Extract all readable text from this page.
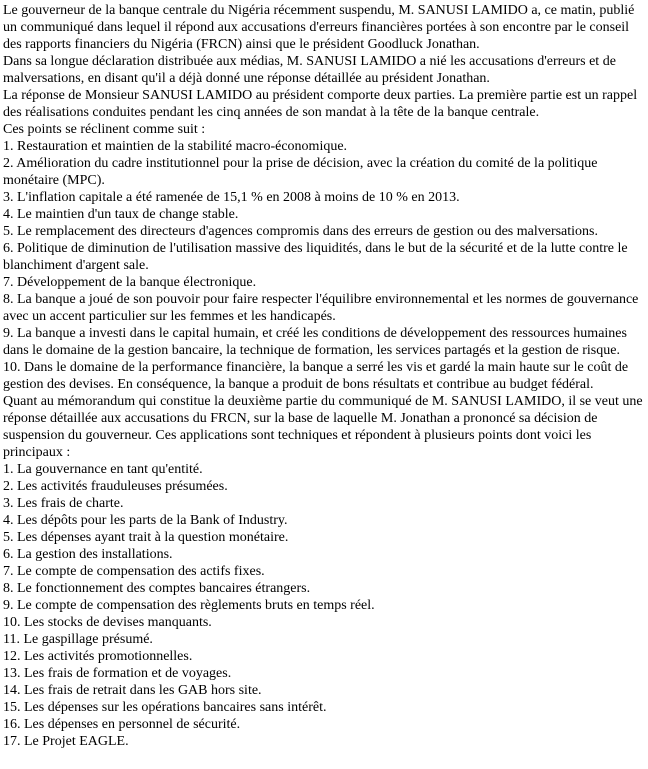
Le gouverneur de la banque centrale du Nigéria récemment suspendu, M. SANUSI LAMIDO a, ce matin, publié un communiqué dans lequel il répond aux accusations d'erreurs financières portées à son encontre par le conseil des rapports financiers du Nigéria (FRCN) ainsi que le président Goodluck Jonathan.
Dans sa longue déclaration distribuée aux médias, M. SANUSI LAMIDO a nié les accusations d'erreurs et de malversations, en disant qu'il a déjà donné une réponse détaillée au président Jonathan.
La réponse de Monsieur SANUSI LAMIDO au président comporte deux parties. La première partie est un rappel des réalisations conduites pendant les cinq années de son mandat à la tête de la banque centrale.
Ces points se réclinent comme suit :
1. Restauration et maintien de la stabilité macro-économique.
2. Amélioration du cadre institutionnel pour la prise de décision, avec la création du comité de la politique monétaire (MPC).
3. L'inflation capitale a été ramenée de 15,1 % en 2008 à moins de 10 % en 2013.
4. Le maintien d'un taux de change stable.
5. Le remplacement des directeurs d'agences compromis dans des erreurs de gestion ou des malversations.
6. Politique de diminution de l'utilisation massive des liquidités, dans le but de la sécurité et de la lutte contre le blanchiment d'argent sale.
7. Développement de la banque électronique.
8. La banque a joué de son pouvoir pour faire respecter l'équilibre environnemental et les normes de gouvernance avec un accent particulier sur les femmes et les handicapés.
9. La banque a investi dans le capital humain, et créé les conditions de développement des ressources humaines dans le domaine de la gestion bancaire, la technique de formation, les services partagés et la gestion de risque.
10. Dans le domaine de la performance financière, la banque a serré les vis et gardé la main haute sur le coût de gestion des devises. En conséquence, la banque a produit de bons résultats et contribue au budget fédéral.
Quant au mémorandum qui constitue la deuxième partie du communiqué de M. SANUSI LAMIDO, il se veut une réponse détaillée aux accusations du FRCN, sur la base de laquelle M. Jonathan a prononcé sa décision de suspension du gouverneur. Ces applications sont techniques et répondent à plusieurs points dont voici les principaux :
1. La gouvernance en tant qu'entité.
2. Les activités frauduleuses présumées.
3. Les frais de charte.
4. Les dépôts pour les parts de la Bank of Industry.
5. Les dépenses ayant trait à la question monétaire.
6. La gestion des installations.
7. Le compte de compensation des actifs fixes.
8. Le fonctionnement des comptes bancaires étrangers.
9. Le compte de compensation des règlements bruts en temps réel.
10. Les stocks de devises manquants.
11. Le gaspillage présumé.
12. Les activités promotionnelles.
13. Les frais de formation et de voyages.
14. Les frais de retrait dans les GAB hors site.
15. Les dépenses sur les opérations bancaires sans intérêt.
16. Les dépenses en personnel de sécurité.
17. Le Projet EAGLE.
